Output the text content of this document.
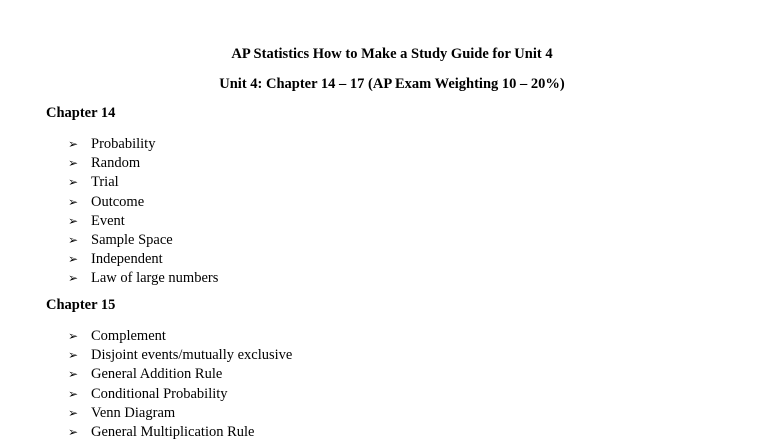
AP Statistics How to Make a Study Guide for Unit 4
Unit 4: Chapter 14 – 17 (AP Exam Weighting 10 – 20%)
Chapter 14
➢ Probability
➢ Random
➢ Trial
➢ Outcome
➢ Event
➢ Sample Space
➢ Independent
➢ Law of large numbers
Chapter 15
➢ Complement
➢ Disjoint events/mutually exclusive
➢ General Addition Rule
➢ Conditional Probability
➢ Venn Diagram
➢ General Multiplication Rule
